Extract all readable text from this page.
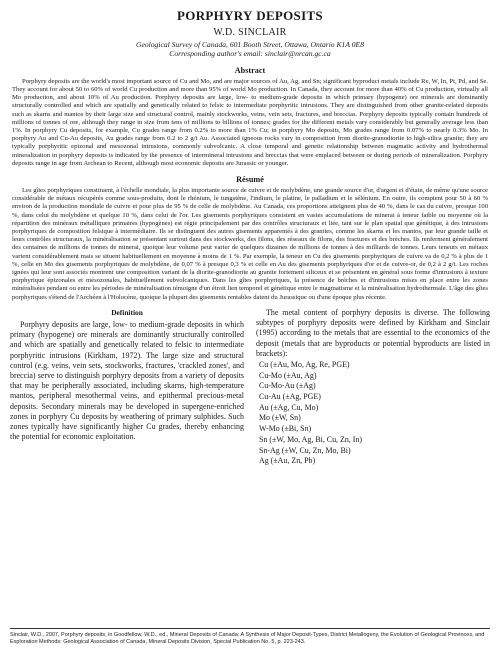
PORPHYRY DEPOSITS
W.D. SINCLAIR
Geological Survey of Canada, 601 Booth Street, Ottawa, Ontario K1A 0E8
Corresponding author's email: sinclair@nrcan.gc.ca
Abstract

Porphyry deposits are the world's most important source of Cu and Mo, and are major sources of Au, Ag, and Sn; significant byproduct metals include Re, W, In, Pt, Pd, and Se. They account for about 50 to 60% of world Cu production and more than 95% of world Mo production. In Canada, they account for more than 40% of Cu production, virtually all Mo production, and about 10% of Au production. Porphyry deposits are large, low- to medium-grade deposits in which primary (hypogene) ore minerals are dominantly structurally controlled and which are spatially and genetically related to felsic to intermediate porphyritic intrusions. They are distinguished from other granite-related deposits such as skarns and mantos by their large size and structural control, mainly stockworks, veins, vein sets, fractures, and breccias. Porphyry deposits typically contain hundreds of millions of tonnes of ore, although they range in size from tens of millions to billions of tonnes; grades for the different metals vary considerably but generally average less than 1%. In porphyry Cu deposits, for example, Cu grades range from 0.2% to more than 1% Cu; in porphyry Mo deposits, Mo grades range from 0.07% to nearly 0.3% Mo. In porphyry Au and Cu-Au deposits, Au grades range from 0.2 to 2 g/t Au. Associated igneous rocks vary in composition from diorite-granodiorite to high-silica granite; they are typically porphyritic epizonal and mesozonal intrusions, commonly subvolcanic. A close temporal and genetic relationship between magmatic activity and hydrothermal mineralization in porphyry deposits is indicated by the presence of intermineral intrusions and breccias that were emplaced between or during periods of mineralization. Porphyry deposits range in age from Archean to Recent, although most economic deposits are Jurassic or younger.

Résumé

Les gîtes porphyriques constituent, à l'échelle mondiale, la plus importante source de cuivre et de molybdène, une grande source d'or, d'argent et d'étain, de même qu'une source considérable de métaux récupérés comme sous-produits, dont le rhénium, le tungstène, l'indium, le platine, le palladium et le sélénium. En outre, ils comptent pour 50 à 60 % environ de la production mondiale de cuivre et pour plus de 95 % de celle de molybdène. Au Canada, ces proportions atteignent plus de 40 %, dans le cas du cuivre, presque 100 %, dans celui du molybdène et quelque 10 %, dans celui de l'or. Les gisements porphyriques consistent en vastes accumulations de minerai à teneur faible ou moyenne où la répartition des minéraux métalliques primaires (hypogènes) est régie principalement par des contrôles structuraux et liée, tant sur le plan spatial que génétique, à des intrusions porphyriques de composition felsique à intermédiaire. Ils se distinguent des autres gisements apparentés à des granites, comme les skarns et les mantos, par leur grande taille et leurs contrôles structuraux, la minéralisation se présentant surtout dans des stockwerks, des filons, des réseaux de filons, des fractures et des brèches. Ils renferment généralement des centaines de millions de tonnes de minerai, quoique leur volume peut varier de quelques dizaines de millions de tonnes à des milliards de tonnes. Leurs teneurs en métaux varient considérablement mais se situent habituellement en moyenne à moins de 1 %. Par exemple, la teneur en Cu des gisements porphyriques de cuivre va de 0,2 % à plus de 1 %, celle en Mo des gisements porphyriques de molybdène, de 0,07 % à presque 0,3 % et celle en Au des gisements porphyriques d'or et de cuivre-or, de 0,2 à 2 g/t. Les roches ignées qui leur sont associés montrent une composition variant de la diorite-granodiorite au granite fortement siliceux et se présentent en général sous forme d'intrusions à texture porphyrique épizonales et mésozonales, habituellement subvolcaniques. Dans les gîtes porphyriques, la présence de brèches et d'intrusions mises en place entre les zones minéralisées pendant ou entre les périodes de minéralisation témoigne d'un étroit lien temporel et génétique entre le magmatisme et la minéralisation hydrothermale. L'âge des gîtes porphyriques s'étend de l'Archéen à l'Holocène, quoique la plupart des gisements rentables datent du Jurassique ou d'une époque plus récente.

Definition

Porphyry deposits are large, low- to medium-grade deposits in which primary (hypogene) ore minerals are dominantly structurally controlled and which are spatially and genetically related to felsic to intermediate porphyritic intrusions (Kirkham, 1972). The large size and structural control (e.g. veins, vein sets, stockworks, fractures, 'crackled zones', and breccia) serve to distinguish porphyry deposits from a variety of deposits that may be peripherally associated, including skarns, high-temperature mantos, peripheral mesothermal veins, and epithermal precious-metal deposits. Secondary minerals may be developed in supergene-enriched zones in porphyry Cu deposits by weathering of primary sulphides. Such zones typically have significantly higher Cu grades, thereby enhancing the potential for economic exploitation.

The metal content of porphyry deposits is diverse. The following subtypes of porphyry deposits were defined by Kirkham and Sinclair (1995) according to the metals that are essential to the economics of the deposit (metals that are byproducts or potential byproducts are listed in brackets):

Cu (±Au, Mo, Ag, Re, PGE)
Cu-Mo (±Au, Ag)
Cu-Mo-Au (±Ag)
Cu-Au (±Ag, PGE)
Au (±Ag, Cu, Mo)
Mo (±W, Sn)
W-Mo (±Bi, Sn)
Sn (±W, Mo, Ag, Bi, Cu, Zn, In)
Sn-Ag (±W, Cu, Zn, Mo, Bi)
Ag (±Au, Zn, Pb)
Sinclair, W.D., 2007, Porphyry deposits, in Goodfellow, W.D., ed., Mineral Deposits of Canada: A Synthesis of Major Deposit-Types, District Metallogeny, the Evolution of Geological Provinces, and Exploration Methods: Geological Association of Canada, Mineral Deposits Division, Special Publication No. 5, p. 223-243.
